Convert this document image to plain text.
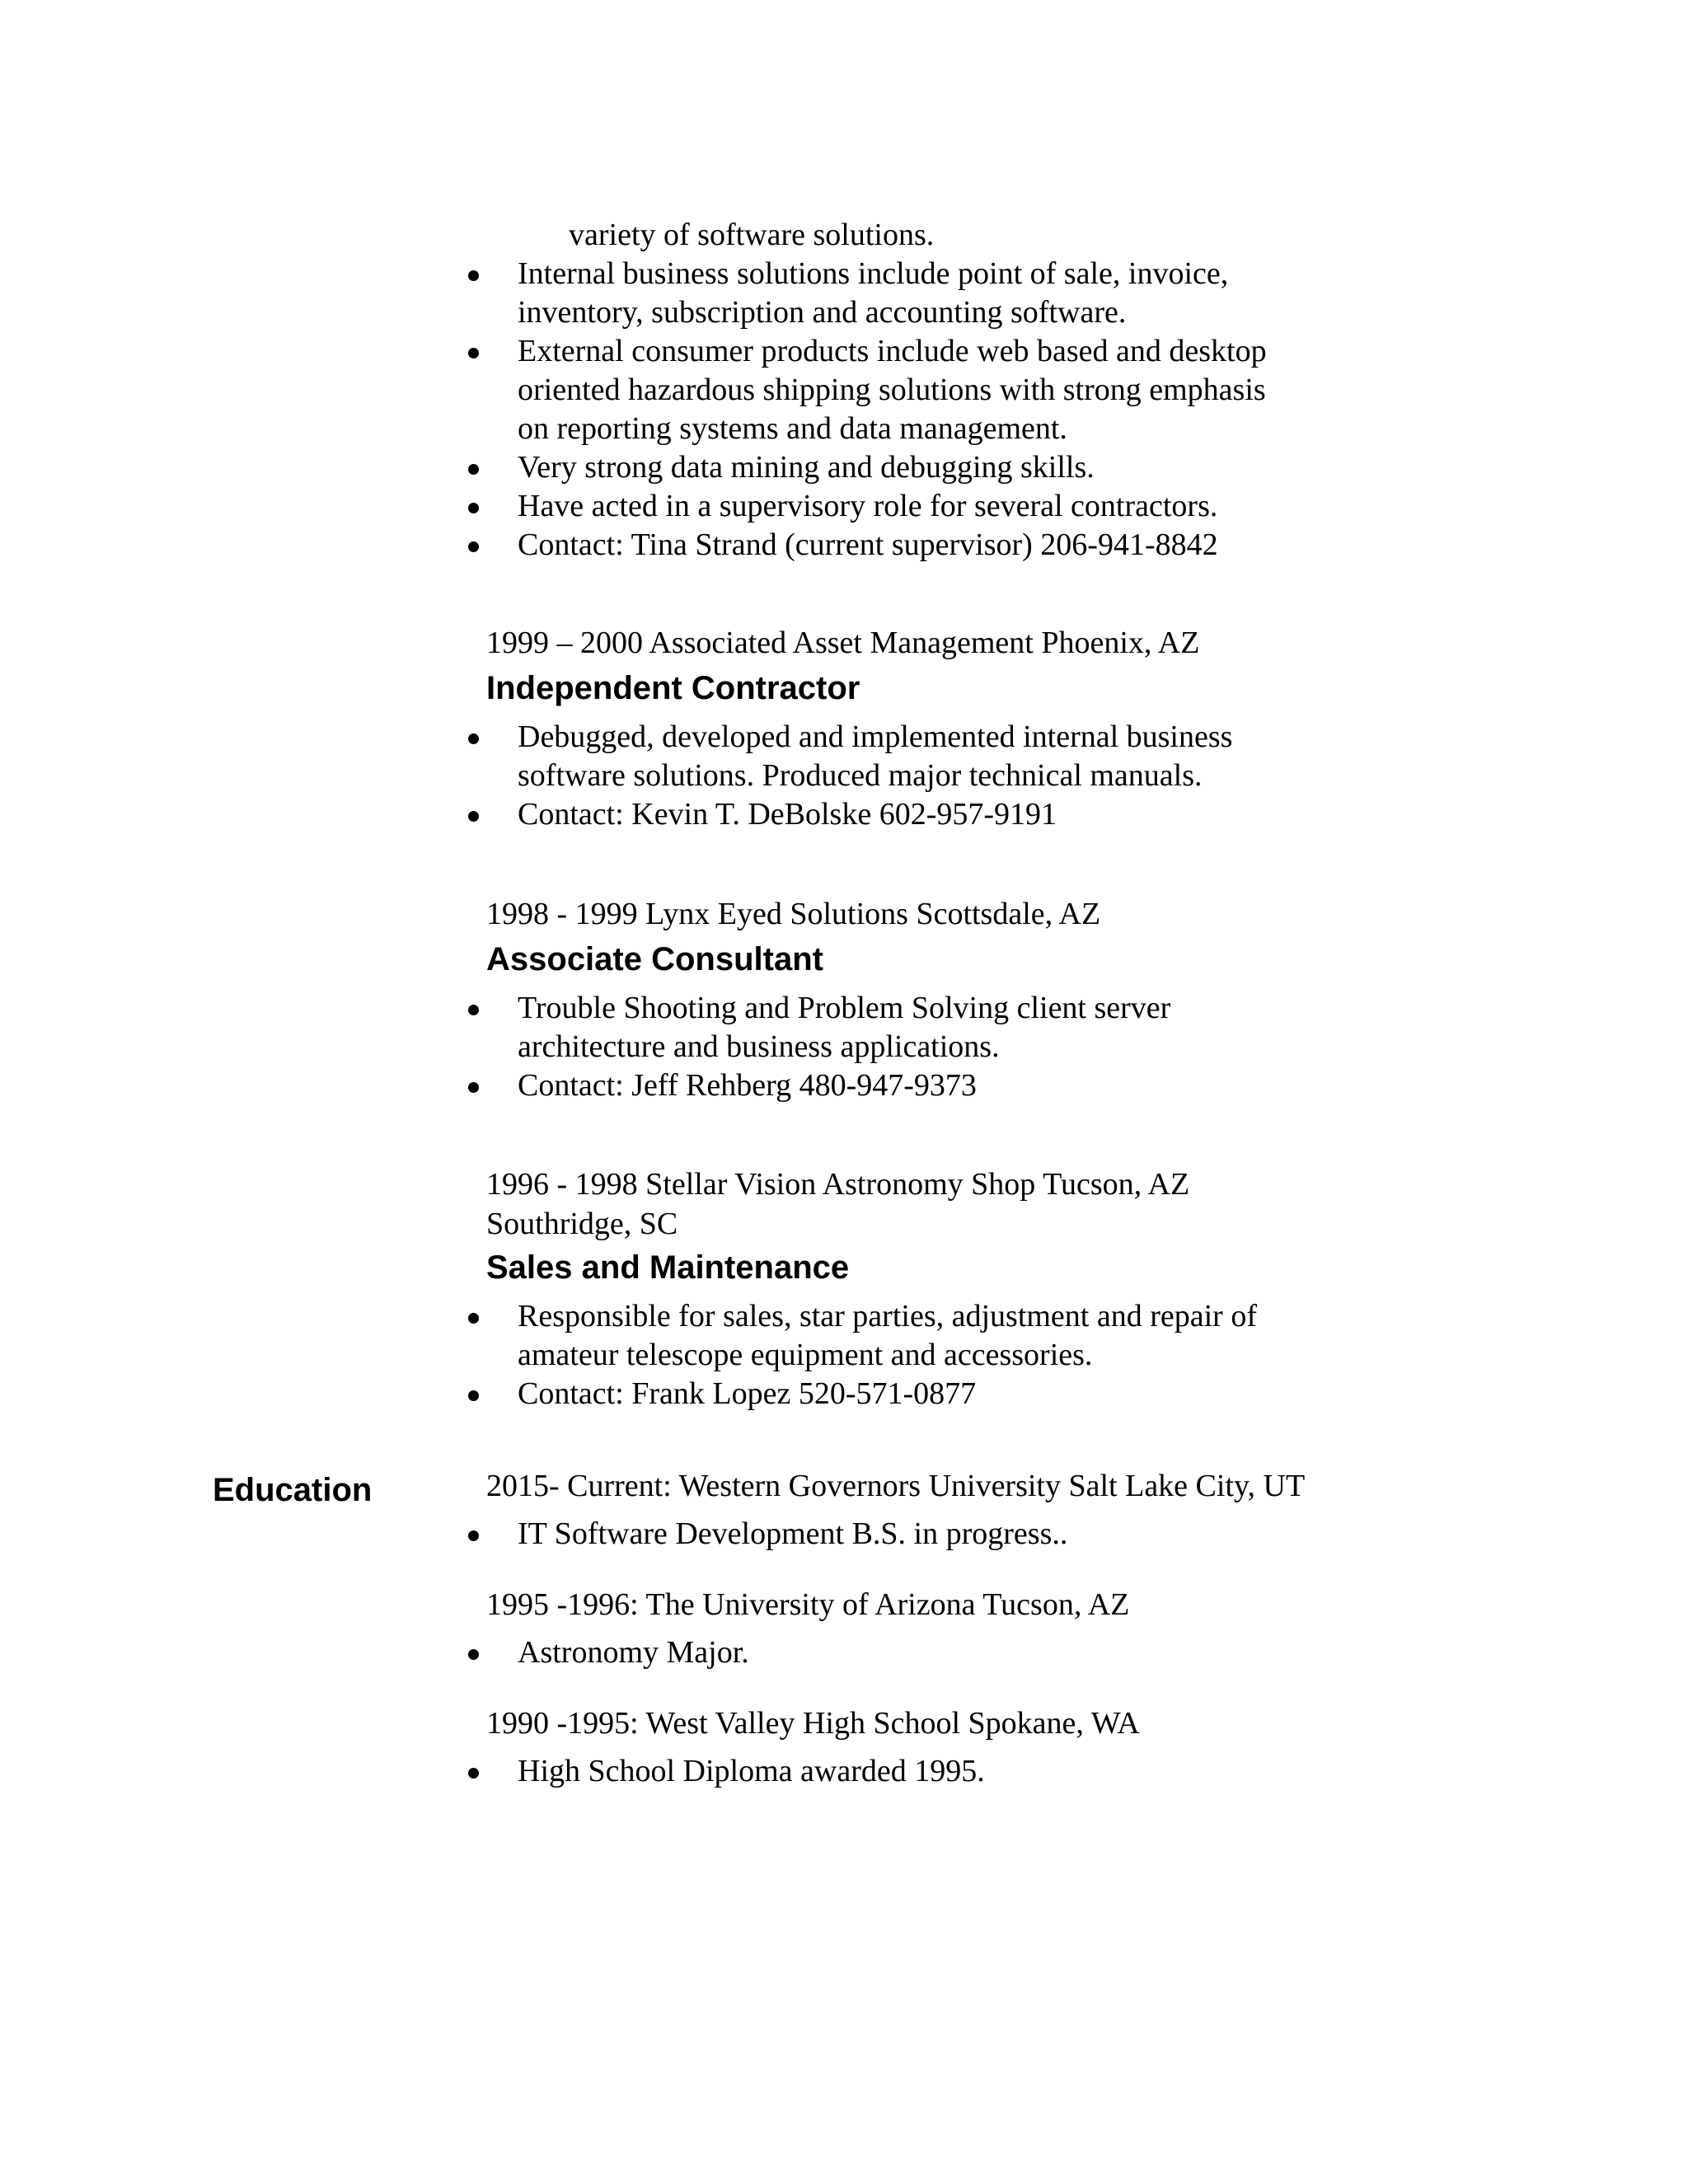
variety of software solutions.
Internal business solutions include point of sale, invoice,
inventory, subscription and accounting software.
External consumer products include web based and desktop
oriented hazardous shipping solutions with strong emphasis
on reporting systems and data management.
Very strong data mining and debugging skills.
Have acted in a supervisory role for several contractors.
Contact: Tina Strand (current supervisor) 206-941-8842
1999 – 2000 Associated Asset Management Phoenix, AZ
Independent Contractor
Debugged, developed and implemented internal business
software solutions. Produced major technical manuals.
Contact: Kevin T. DeBolske 602-957-9191
1998 - 1999 Lynx Eyed Solutions Scottsdale, AZ
Associate Consultant
Trouble Shooting and Problem Solving client server
architecture and business applications.
Contact: Jeff Rehberg 480-947-9373
1996 - 1998 Stellar Vision Astronomy Shop Tucson, AZ
Southridge, SC
Sales and Maintenance
Responsible for sales, star parties, adjustment and repair of
amateur telescope equipment and accessories.
Contact: Frank Lopez 520-571-0877
Education	2015- Current: Western Governors University Salt Lake City, UT
IT Software Development B.S. in progress..
1995 -1996: The University of Arizona Tucson, AZ
Astronomy Major.
1990 -1995: West Valley High School Spokane, WA
High School Diploma awarded 1995.
